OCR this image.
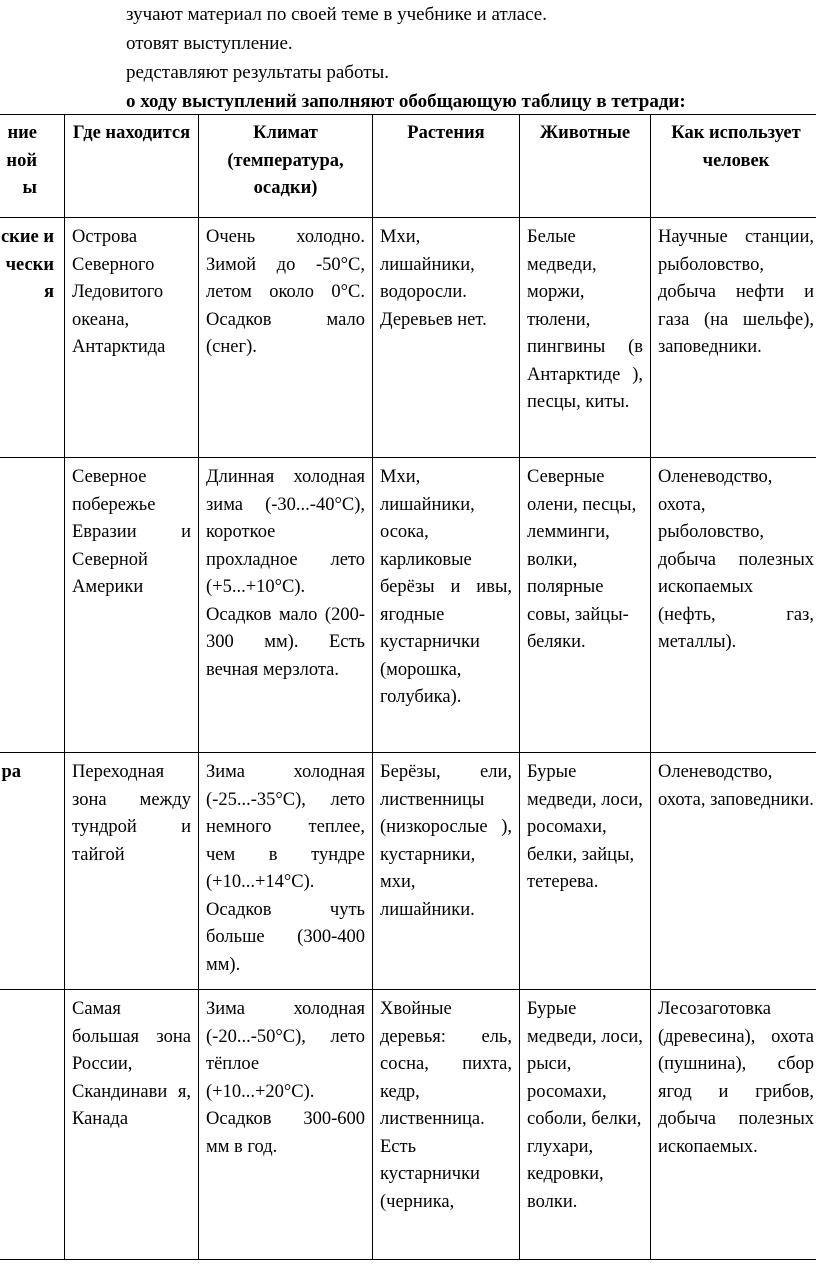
зучают материал по своей теме в учебнике и атласе.
отовят выступление.
редставляют результаты работы.
о ходу выступлений заполняют обобщающую таблицу в тетради:
ние
ной
ы	Где находится	Климат (температура, осадки)	Растения	Животные	Как использует человек

ские и
чески
я	Острова Северного Ледовитого океана, Антарктида	Очень холодно. Зимой до -50°С, летом около 0°С. Осадков мало (снег).	Мхи, лишайники, водоросли. Деревьев нет.	Белые медведи, моржи, тюлени, пингвины (в Антарктиде ), песцы, киты.	Научные станции, рыболовство, добыча нефти и газа (на шельфе), заповедники.
	Северное побережье Евразии и Северной Америки	Длинная холодная зима (-30...-40°С), короткое прохладное лето (+5...+10°С). Осадков мало (200-300 мм). Есть вечная мерзлота.	Мхи, лишайники, осока, карликовые берёзы и ивы, ягодные кустарнички (морошка, голубика).	Северные олени, песцы, лемминги, волки, полярные совы, зайцы-беляки.	Оленеводство, охота, рыболовство, добыча полезных ископаемых (нефть, газ, металлы).

ра	Переходная зона между тундрой и тайгой	Зима холодная (-25...-35°С), лето немного теплее, чем в тундре (+10...+14°С). Осадков чуть больше (300-400 мм).	Берёзы, ели, лиственницы (низкорослые ), кустарники, мхи, лишайники.	Бурые медведи, лоси, росомахи, белки, зайцы, тетерева.	Оленеводство, охота, заповедники.
	Самая большая зона России, Скандинави я, Канада	Зима холодная (-20...-50°С), лето тёплое (+10...+20°С). Осадков 300-600 мм в год.	Хвойные деревья: ель, сосна, пихта, кедр, лиственница. Есть кустарнички (черника,	Бурые медведи, лоси, рыси, росомахи, соболи, белки, глухари, кедровки, волки.	Лесозаготовка (древесина), охота (пушнина), сбор ягод и грибов, добыча полезных ископаемых.
